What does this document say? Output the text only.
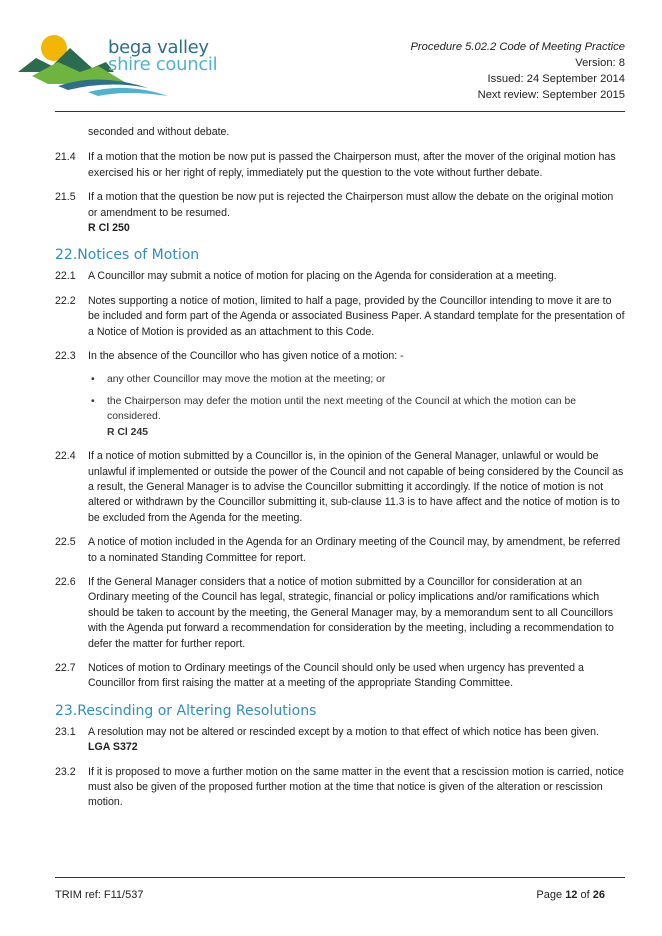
bega valley
shire council
Procedure 5.02.2 Code of Meeting Practice
Version: 8
Issued: 24 September 2014
Next review: September 2015

seconded and without debate.

21.4 If a motion that the motion be now put is passed the Chairperson must, after the mover of the original motion has exercised his or her right of reply, immediately put the question to the vote without further debate.

21.5 If a motion that the question be now put is rejected the Chairperson must allow the debate on the original motion or amendment to be resumed.
R Cl 250

22.Notices of Motion

22.1 A Councillor may submit a notice of motion for placing on the Agenda for consideration at a meeting.

22.2 Notes supporting a notice of motion, limited to half a page, provided by the Councillor intending to move it are to be included and form part of the Agenda or associated Business Paper. A standard template for the presentation of a Notice of Motion is provided as an attachment to this Code.

22.3 In the absence of the Councillor who has given notice of a motion: -

• any other Councillor may move the motion at the meeting; or

• the Chairperson may defer the motion until the next meeting of the Council at which the motion can be considered.
R Cl 245

22.4 If a notice of motion submitted by a Councillor is, in the opinion of the General Manager, unlawful or would be unlawful if implemented or outside the power of the Council and not capable of being considered by the Council as a result, the General Manager is to advise the Councillor submitting it accordingly. If the notice of motion is not altered or withdrawn by the Councillor submitting it, sub-clause 11.3 is to have affect and the notice of motion is to be excluded from the Agenda for the meeting.

22.5 A notice of motion included in the Agenda for an Ordinary meeting of the Council may, by amendment, be referred to a nominated Standing Committee for report.

22.6 If the General Manager considers that a notice of motion submitted by a Councillor for consideration at an Ordinary meeting of the Council has legal, strategic, financial or policy implications and/or ramifications which should be taken to account by the meeting, the General Manager may, by a memorandum sent to all Councillors with the Agenda put forward a recommendation for consideration by the meeting, including a recommendation to defer the matter for further report.

22.7 Notices of motion to Ordinary meetings of the Council should only be used when urgency has prevented a Councillor from first raising the matter at a meeting of the appropriate Standing Committee.

23.Rescinding or Altering Resolutions

23.1 A resolution may not be altered or rescinded except by a motion to that effect of which notice has been given.
LGA S372

23.2 If it is proposed to move a further motion on the same matter in the event that a rescission motion is carried, notice must also be given of the proposed further motion at the time that notice is given of the alteration or rescission motion.

TRIM ref: F11/537	Page 12 of 26
